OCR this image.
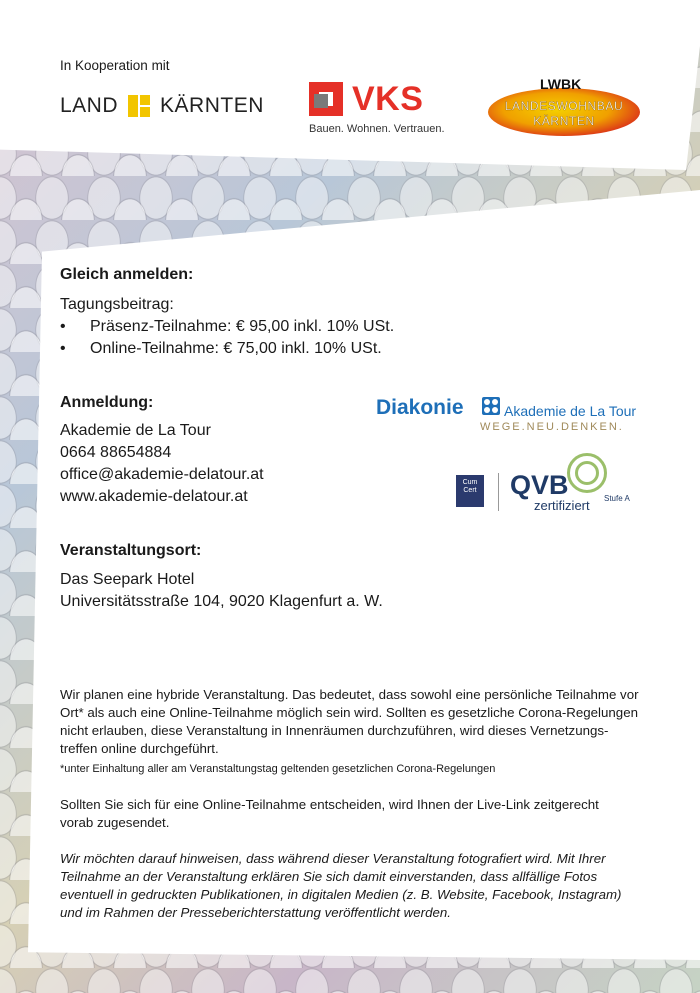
In Kooperation mit
LAND KÄRNTEN	VKS
Bauen. Wohnen. Vertrauen.
LWBK
LANDESWOHNBAU
KÄRNTEN
Gleich anmelden:
Tagungsbeitrag:
• Präsenz-Teilnahme: € 95,00 inkl. 10% USt.
• Online-Teilnahme: € 75,00 inkl. 10% USt.
Anmeldung:
Akademie de La Tour
0664 88654884
office@akademie-delatour.at
www.akademie-delatour.at
Diakonie	Akademie de La Tour
WEGE.NEU.DENKEN.
Cum Cert QVB
zertifiziert Stufe A
Veranstaltungsort:
Das Seepark Hotel
Universitätsstraße 104, 9020 Klagenfurt a. W.
Wir planen eine hybride Veranstaltung. Das bedeutet, dass sowohl eine persönliche Teilnahme vor Ort* als auch eine Online-Teilnahme möglich sein wird. Sollten es gesetzliche Corona-Regelungen nicht erlauben, diese Veranstaltung in Innenräumen durchzuführen, wird dieses Vernetzungs-treffen online durchgeführt.
*unter Einhaltung aller am Veranstaltungstag geltenden gesetzlichen Corona-Regelungen
Sollten Sie sich für eine Online-Teilnahme entscheiden, wird Ihnen der Live-Link zeitgerecht vorab zugesendet.
Wir möchten darauf hinweisen, dass während dieser Veranstaltung fotografiert wird. Mit Ihrer Teilnahme an der Veranstaltung erklären Sie sich damit einverstanden, dass allfällige Fotos eventuell in gedruckten Publikationen, in digitalen Medien (z. B. Website, Facebook, Instagram) und im Rahmen der Presseberichterstattung veröffentlicht werden.
